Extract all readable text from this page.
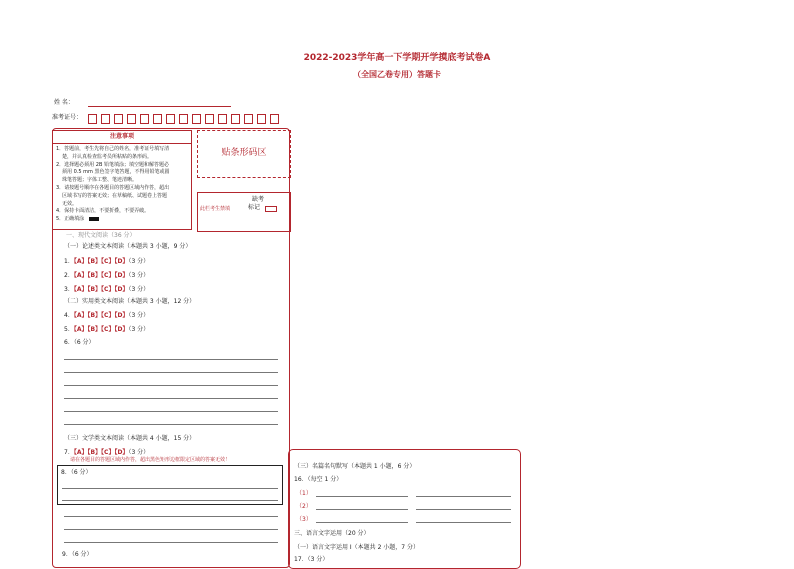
2022-2023学年高一下学期开学摸底考试卷A
（全国乙卷专用）答题卡
姓 名：
准考证号：
注意事项
1．答题前，考生先将自己的姓名，准考证号填写清
楚，并认真检查监考员所粘贴的条形码。
2．选择题必须用 2B 铅笔填涂；填空题和解答题必
须用 0.5 mm 黑色签字笔答题，不得用铅笔或圆
珠笔答题；字体工整、笔迹清晰。
3．请按题号顺序在各题目的答题区域内作答，超出
区域书写的答案无效；在草稿纸、试题卷上答题
无效。
4．保持卡面清洁，不要折叠，不要弄破。
5．正确填涂
贴条形码区
此栏考生禁填
缺考
标记
一、现代文阅读（36 分）
（一）论述类文本阅读（本题共 3 小题，9 分）
1．【A】【B】【C】【D】（3 分）
2．【A】【B】【C】【D】（3 分）
3．【A】【B】【C】【D】（3 分）
（二）实用类文本阅读（本题共 3 小题，12 分）
4．【A】【B】【C】【D】（3 分）
5．【A】【B】【C】【D】（3 分）
6．（6 分）
（三）文学类文本阅读（本题共 4 小题，15 分）
7．【A】【B】【C】【D】（3 分）
请在各题目的答题区域内作答，超出黑色矩形边框限定区域的答案无效！
8．（6 分）
9．（6 分）
（三）名篇名句默写（本题共 1 小题，6 分）
16．（每空 1 分）
（1）
（2）
（3）
三、语言文字运用（20 分）
（一）语言文字运用 Ⅰ（本题共 2 小题，7 分）
17．（3 分）
